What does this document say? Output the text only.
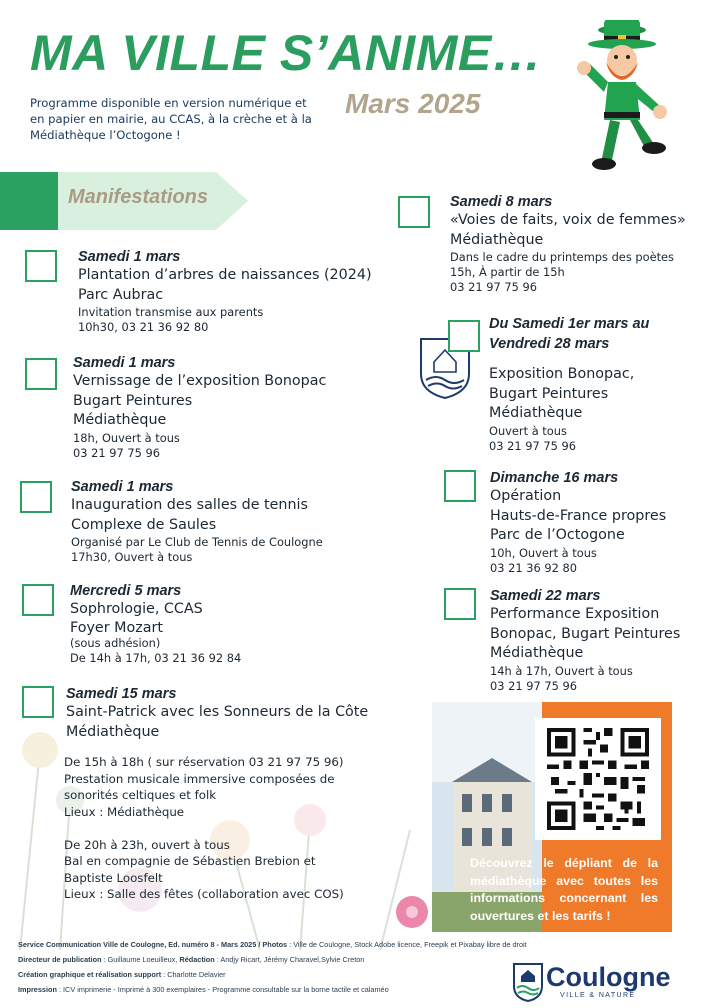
MA VILLE S’ANIME…
Programme disponible en version numérique et
en papier en mairie, au CCAS, à la crèche et à la
Médiathèque l’Octogone !
Mars 2025
Manifestations
Samedi 1 mars
Plantation d’arbres de naissances (2024)
Parc Aubrac
Invitation transmise aux parents
10h30, 03 21 36 92 80
Samedi 1 mars
Vernissage de l’exposition Bonopac
Bugart Peintures
Médiathèque
18h, Ouvert à tous
03 21 97 75 96
Samedi 1 mars
Inauguration des salles de tennis
Complexe de Saules
Organisé par Le Club de Tennis de Coulogne
17h30, Ouvert à tous
Mercredi 5 mars
Sophrologie, CCAS
Foyer Mozart
(sous adhésion)
De 14h à 17h, 03 21 36 92 84
Samedi 15 mars
Saint-Patrick avec les Sonneurs de la Côte
Médiathèque
De 15h à 18h ( sur réservation 03 21 97 75 96)
Prestation musicale immersive composées de
sonorités celtiques et folk
Lieux : Médiathèque
De 20h à 23h, ouvert à tous
Bal en compagnie de Sébastien Brebion et
Baptiste Loosfelt
Lieux : Salle des fêtes (collaboration avec COS)
Samedi 8 mars
«Voies de faits, voix de femmes»
Médiathèque
Dans le cadre du printemps des poètes
15h, À partir de 15h
03 21 97 75 96
Du Samedi 1er mars au
Vendredi 28 mars
Exposition Bonopac,
Bugart Peintures
Médiathèque
Ouvert à tous
03 21 97 75 96
Dimanche 16 mars
Opération
Hauts-de-France propres
Parc de l’Octogone
10h, Ouvert à tous
03 21 36 92 80
Samedi 22 mars
Performance Exposition
Bonopac, Bugart Peintures
Médiathèque
14h à 17h, Ouvert à tous
03 21 97 75 96
Découvrez le dépliant de la médiathèque avec toutes les informations concernant les ouvertures et les tarifs !
Service Communication Ville de Coulogne, Ed. numéro 8 - Mars 2025 / Photos : Ville de Coulogne, Stock Adobe licence, Freepik et Pixabay libre de droit
Directeur de publication : Guillaume Loeuilleux, Rédaction : Andjy Ricart, Jérémy Charavel,Sylvie Creton
Création graphique et réalisation support : Charlotte Delavier
Impression : ICV imprimerie - Imprimé à 300 exemplaires - Programme consultable sur la borne tactile et calaméo	Coulogne
VILLE & NATURE
